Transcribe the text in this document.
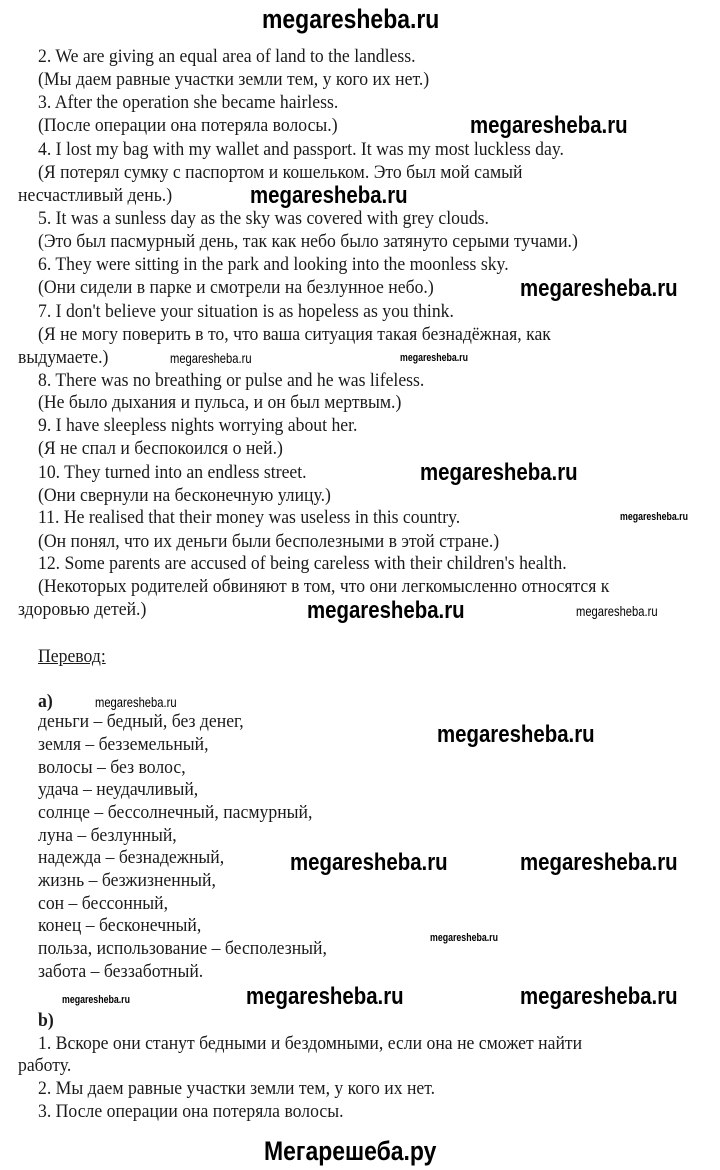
megaresheba.ru
2. We are giving an equal area of land to the landless.
(Мы даем равные участки земли тем, у кого их нет.)
3. After the operation she became hairless.
(После операции она потеряла волосы.)
4. I lost my bag with my wallet and passport. It was my most luckless day.
(Я потерял сумку с паспортом и кошельком. Это был мой самый
несчастливый день.)
5. It was a sunless day as the sky was covered with grey clouds.
(Это был пасмурный день, так как небо было затянуто серыми тучами.)
6. They were sitting in the park and looking into the moonless sky.
(Они сидели в парке и смотрели на безлунное небо.)
7. I don't believe your situation is as hopeless as you think.
(Я не могу поверить в то, что ваша ситуация такая безнадёжная, как
выдумаете.)
8. There was no breathing or pulse and he was lifeless.
(Не было дыхания и пульса, и он был мертвым.)
9. I have sleepless nights worrying about her.
(Я не спал и беспокоился о ней.)
10. They turned into an endless street.
(Они свернули на бесконечную улицу.)
11. He realised that their money was useless in this country.
(Он понял, что их деньги были бесполезными в этой стране.)
12. Some parents are accused of being careless with their children's health.
(Некоторых родителей обвиняют в том, что они легкомысленно относятся к
здоровью детей.)
Перевод:
a)
деньги – бедный, без денег,
земля – безземельный,
волосы – без волос,
удача – неудачливый,
солнце – бессолнечный, пасмурный,
луна – безлунный,
надежда – безнадежный,
жизнь – безжизненный,
сон – бессонный,
конец – бесконечный,
польза, использование – бесполезный,
забота – беззаботный.
b)
1. Вскоре они станут бедными и бездомными, если она не сможет найти
работу.
2. Мы даем равные участки земли тем, у кого их нет.
3. После операции она потеряла волосы.
megaresheba.ru
megaresheba.ru
megaresheba.ru
megaresheba.ru	megaresheba.ru
megaresheba.ru
megaresheba.ru
megaresheba.ru	megaresheba.ru
megaresheba.ru
megaresheba.ru
megaresheba.ru	megaresheba.ru
megaresheba.ru
megaresheba.ru	megaresheba.ru	megaresheba.ru
Мегарешеба.ру
